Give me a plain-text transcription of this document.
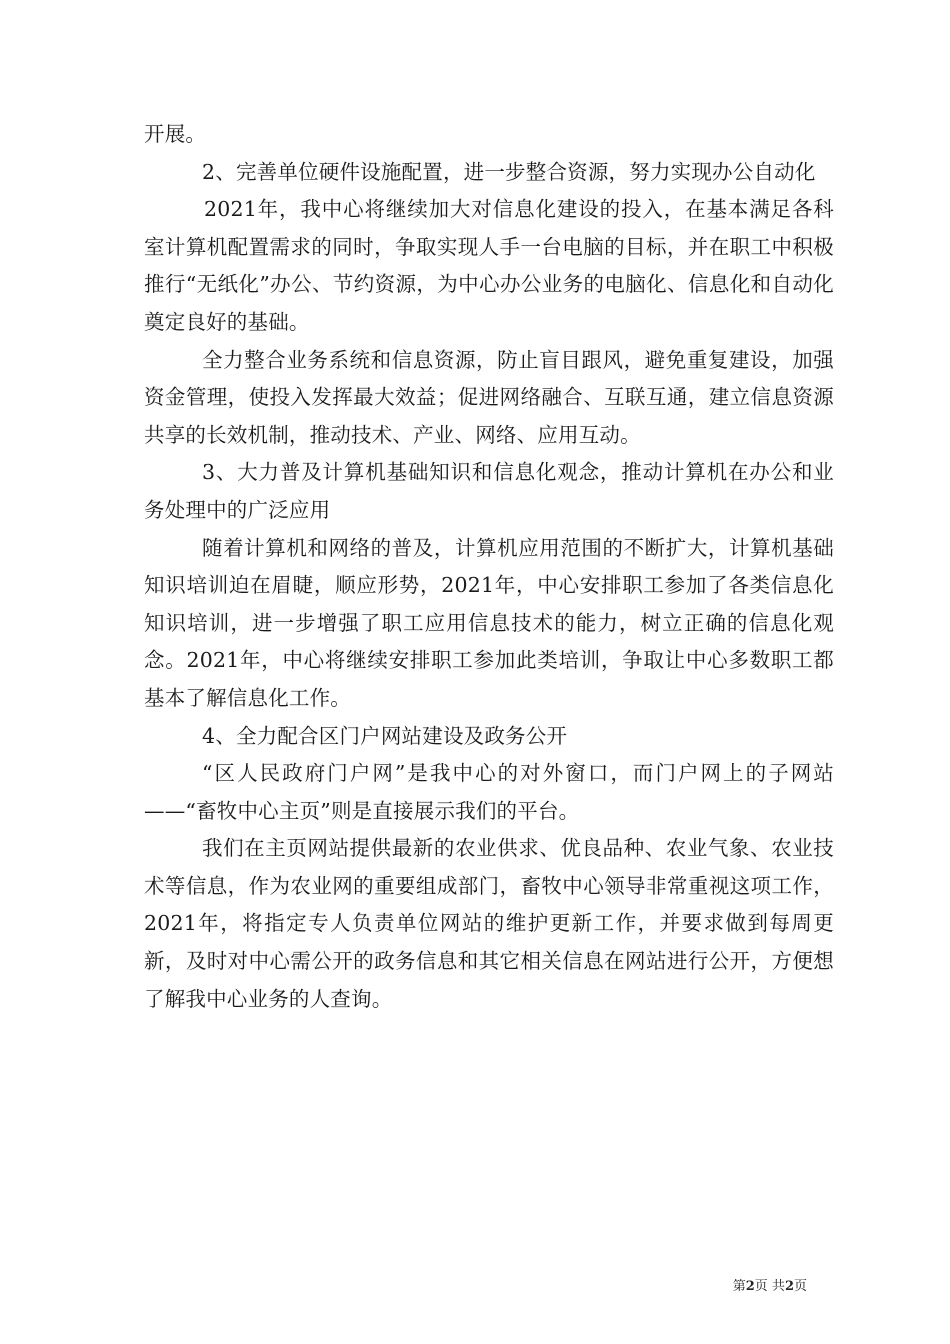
开展。

2、完善单位硬件设施配置，进一步整合资源，努力实现办公自动化

2021年，我中心将继续加大对信息化建设的投入，在基本满足各科室计算机配置需求的同时，争取实现人手一台电脑的目标，并在职工中积极推行“无纸化”办公、节约资源，为中心办公业务的电脑化、信息化和自动化奠定良好的基础。

全力整合业务系统和信息资源，防止盲目跟风，避免重复建设，加强资金管理，使投入发挥最大效益；促进网络融合、互联互通，建立信息资源共享的长效机制，推动技术、产业、网络、应用互动。

3、大力普及计算机基础知识和信息化观念，推动计算机在办公和业务处理中的广泛应用

随着计算机和网络的普及，计算机应用范围的不断扩大，计算机基础知识培训迫在眉睫，顺应形势，2021年，中心安排职工参加了各类信息化知识培训，进一步增强了职工应用信息技术的能力，树立正确的信息化观念。2021年，中心将继续安排职工参加此类培训，争取让中心多数职工都基本了解信息化工作。

4、全力配合区门户网站建设及政务公开

“区人民政府门户网”是我中心的对外窗口，而门户网上的子网站——“畜牧中心主页”则是直接展示我们的平台。

我们在主页网站提供最新的农业供求、优良品种、农业气象、农业技术等信息，作为农业网的重要组成部门，畜牧中心领导非常重视这项工作，2021年，将指定专人负责单位网站的维护更新工作，并要求做到每周更新，及时对中心需公开的政务信息和其它相关信息在网站进行公开，方便想了解我中心业务的人查询。

第2页 共2页
